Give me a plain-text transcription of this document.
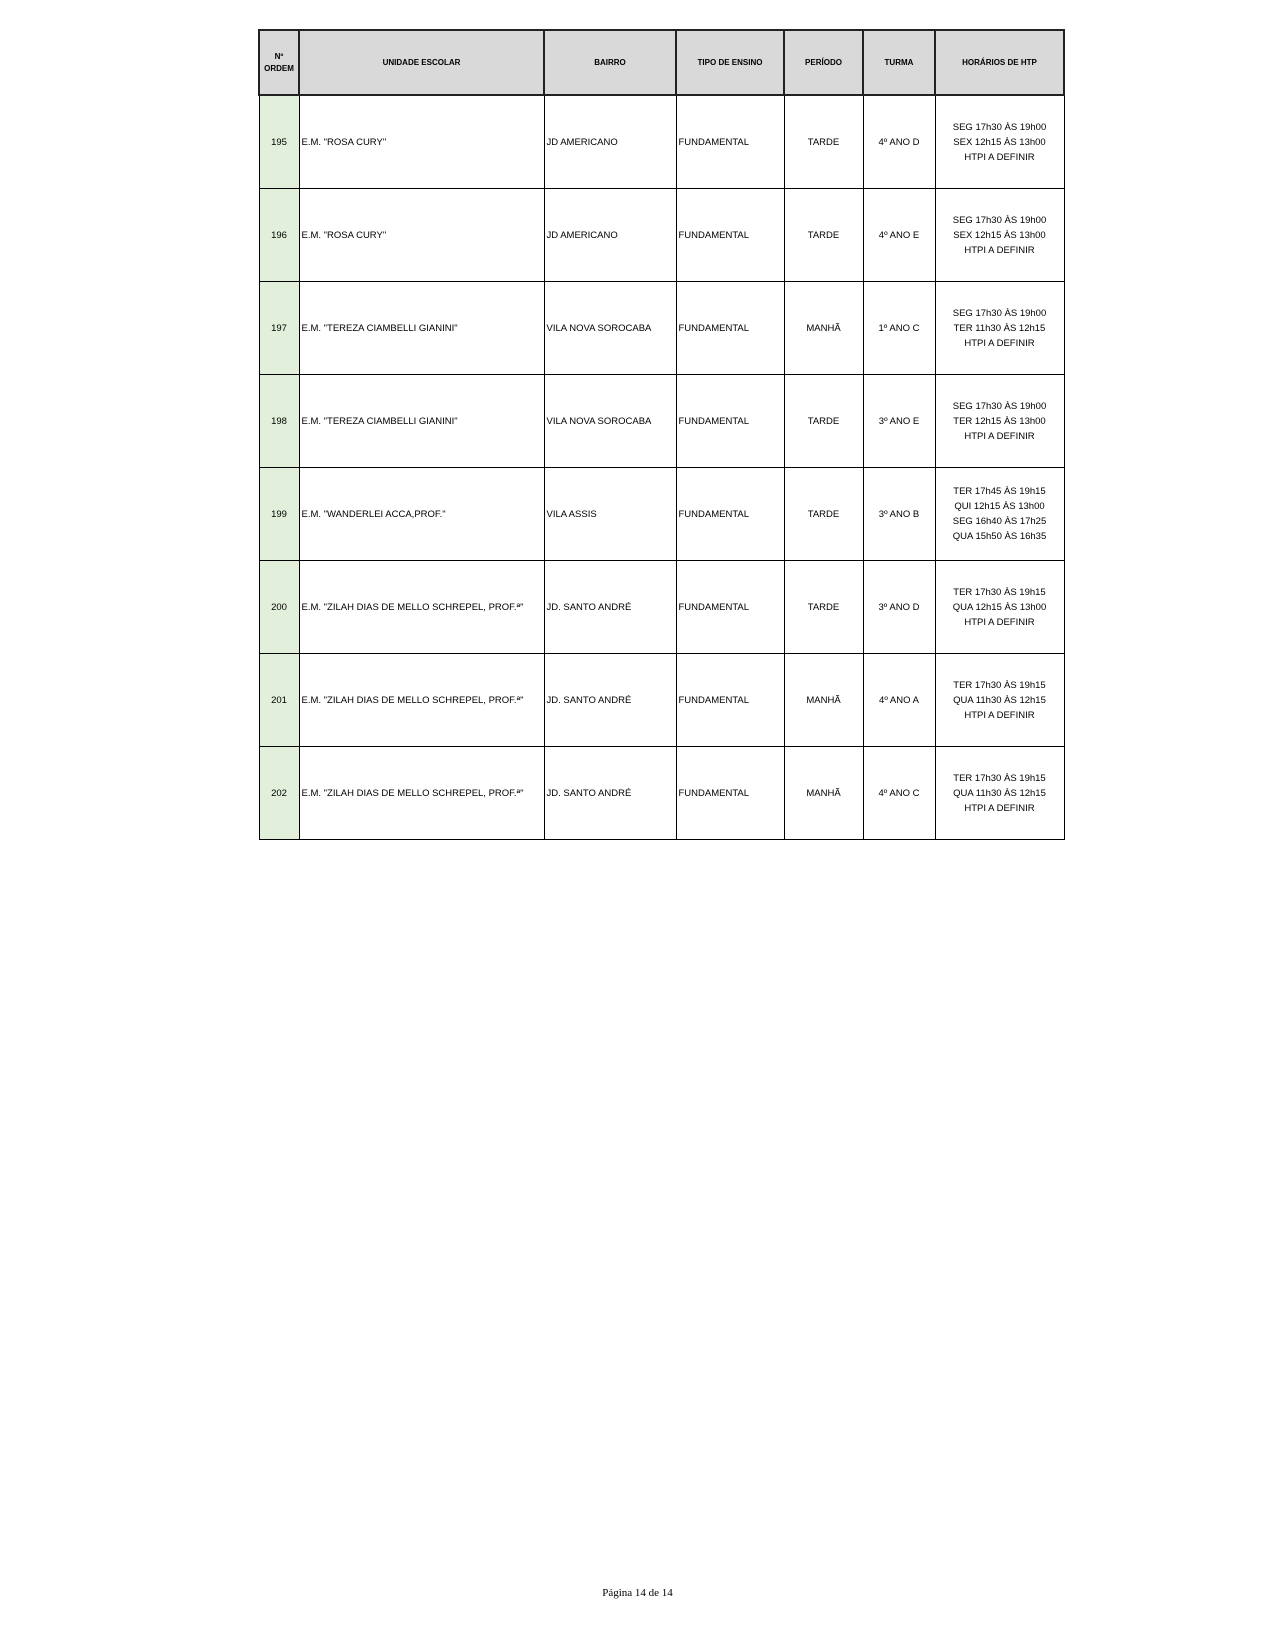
Nº
ORDEM	UNIDADE ESCOLAR	BAIRRO	TIPO DE ENSINO	PERÍODO	TURMA	HORÁRIOS DE HTP
195	E.M. "ROSA CURY"	JD AMERICANO	FUNDAMENTAL	TARDE	4º ANO D	SEG 17h30 ÀS 19h00
SEX 12h15 ÀS 13h00
HTPI A DEFINIR

196	E.M. "ROSA CURY"	JD AMERICANO	FUNDAMENTAL	TARDE	4º ANO E	SEG 17h30 ÀS 19h00
SEX 12h15 ÀS 13h00
HTPI A DEFINIR

197	E.M. "TEREZA CIAMBELLI GIANINI"	VILA NOVA SOROCABA	FUNDAMENTAL	MANHÃ	1º ANO C	SEG 17h30 ÀS 19h00
TER 11h30 ÀS 12h15
HTPI A DEFINIR

198	E.M. "TEREZA CIAMBELLI GIANINI"	VILA NOVA SOROCABA	FUNDAMENTAL	TARDE	3º ANO E	SEG 17h30 ÀS 19h00
TER 12h15 ÀS 13h00
HTPI A DEFINIR

199	E.M. "WANDERLEI ACCA,PROF."	VILA ASSIS	FUNDAMENTAL	TARDE	3º ANO B	TER 17h45 ÀS 19h15
QUI 12h15 ÀS 13h00
SEG 16h40 ÀS 17h25
QUA 15h50 ÀS 16h35

200	E.M. "ZILAH DIAS DE MELLO SCHREPEL, PROF.ª"	JD. SANTO ANDRÉ	FUNDAMENTAL	TARDE	3º ANO D	TER 17h30 ÀS 19h15
QUA 12h15 ÀS 13h00
HTPI A DEFINIR

201	E.M. "ZILAH DIAS DE MELLO SCHREPEL, PROF.ª"	JD. SANTO ANDRÉ	FUNDAMENTAL	MANHÃ	4º ANO A	TER 17h30 ÀS 19h15
QUA 11h30 ÀS 12h15
HTPI A DEFINIR

202	E.M. "ZILAH DIAS DE MELLO SCHREPEL, PROF.ª"	JD. SANTO ANDRÉ	FUNDAMENTAL	MANHÃ	4º ANO C	TER 17h30 ÀS 19h15
QUA 11h30 ÀS 12h15
HTPI A DEFINIR
Página 14 de 14
